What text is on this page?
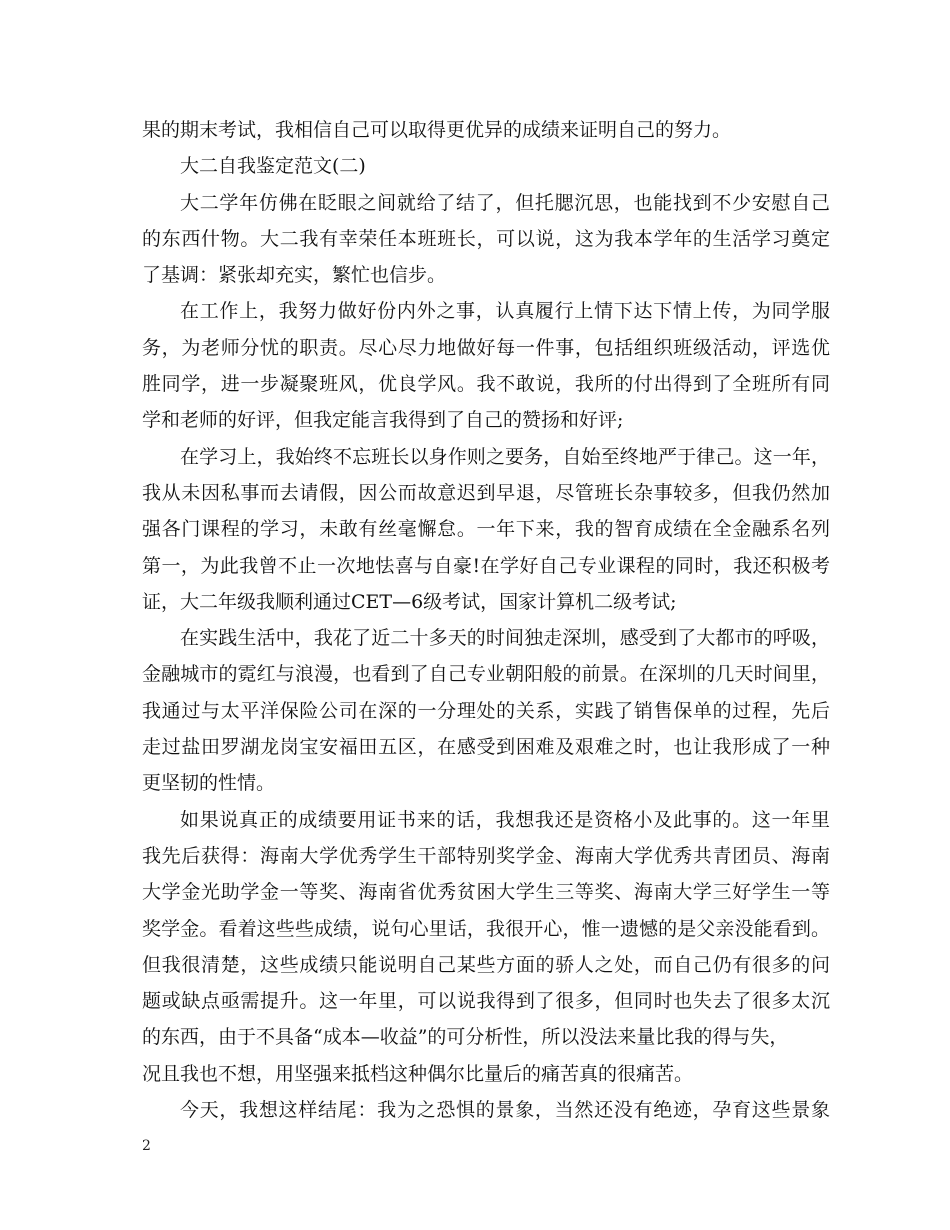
果的期末考试，我相信自己可以取得更优异的成绩来证明自己的努力。
大二自我鉴定范文(二)
大二学年仿佛在眨眼之间就给了结了，但托腮沉思，也能找到不少安慰自己
的东西什物。大二我有幸荣任本班班长，可以说，这为我本学年的生活学习奠定
了基调：紧张却充实，繁忙也信步。
在工作上，我努力做好份内外之事，认真履行上情下达下情上传，为同学服
务，为老师分忧的职责。尽心尽力地做好每一件事，包括组织班级活动，评选优
胜同学，进一步凝聚班风，优良学风。我不敢说，我所的付出得到了全班所有同
学和老师的好评，但我定能言我得到了自己的赞扬和好评;
在学习上，我始终不忘班长以身作则之要务，自始至终地严于律己。这一年，
我从未因私事而去请假，因公而故意迟到早退，尽管班长杂事较多，但我仍然加
强各门课程的学习，未敢有丝毫懈怠。一年下来，我的智育成绩在全金融系名列
第一，为此我曾不止一次地怯喜与自豪!在学好自己专业课程的同时，我还积极考
证，大二年级我顺利通过CET—6级考试，国家计算机二级考试;
在实践生活中，我花了近二十多天的时间独走深圳，感受到了大都市的呼吸，
金融城市的霓红与浪漫，也看到了自己专业朝阳般的前景。在深圳的几天时间里，
我通过与太平洋保险公司在深的一分理处的关系，实践了销售保单的过程，先后
走过盐田罗湖龙岗宝安福田五区，在感受到困难及艰难之时，也让我形成了一种
更坚韧的性情。
如果说真正的成绩要用证书来的话，我想我还是资格小及此事的。这一年里
我先后获得：海南大学优秀学生干部特别奖学金、海南大学优秀共青团员、海南
大学金光助学金一等奖、海南省优秀贫困大学生三等奖、海南大学三好学生一等
奖学金。看着这些些成绩，说句心里话，我很开心，惟一遗憾的是父亲没能看到。
但我很清楚，这些成绩只能说明自己某些方面的骄人之处，而自己仍有很多的问
题或缺点亟需提升。这一年里，可以说我得到了很多，但同时也失去了很多太沉
的东西，由于不具备“成本—收益”的可分析性，所以没法来量比我的得与失，
况且我也不想，用坚强来抵档这种偶尔比量后的痛苦真的很痛苦。
今天，我想这样结尾：我为之恐惧的景象，当然还没有绝迹，孕育这些景象
2
